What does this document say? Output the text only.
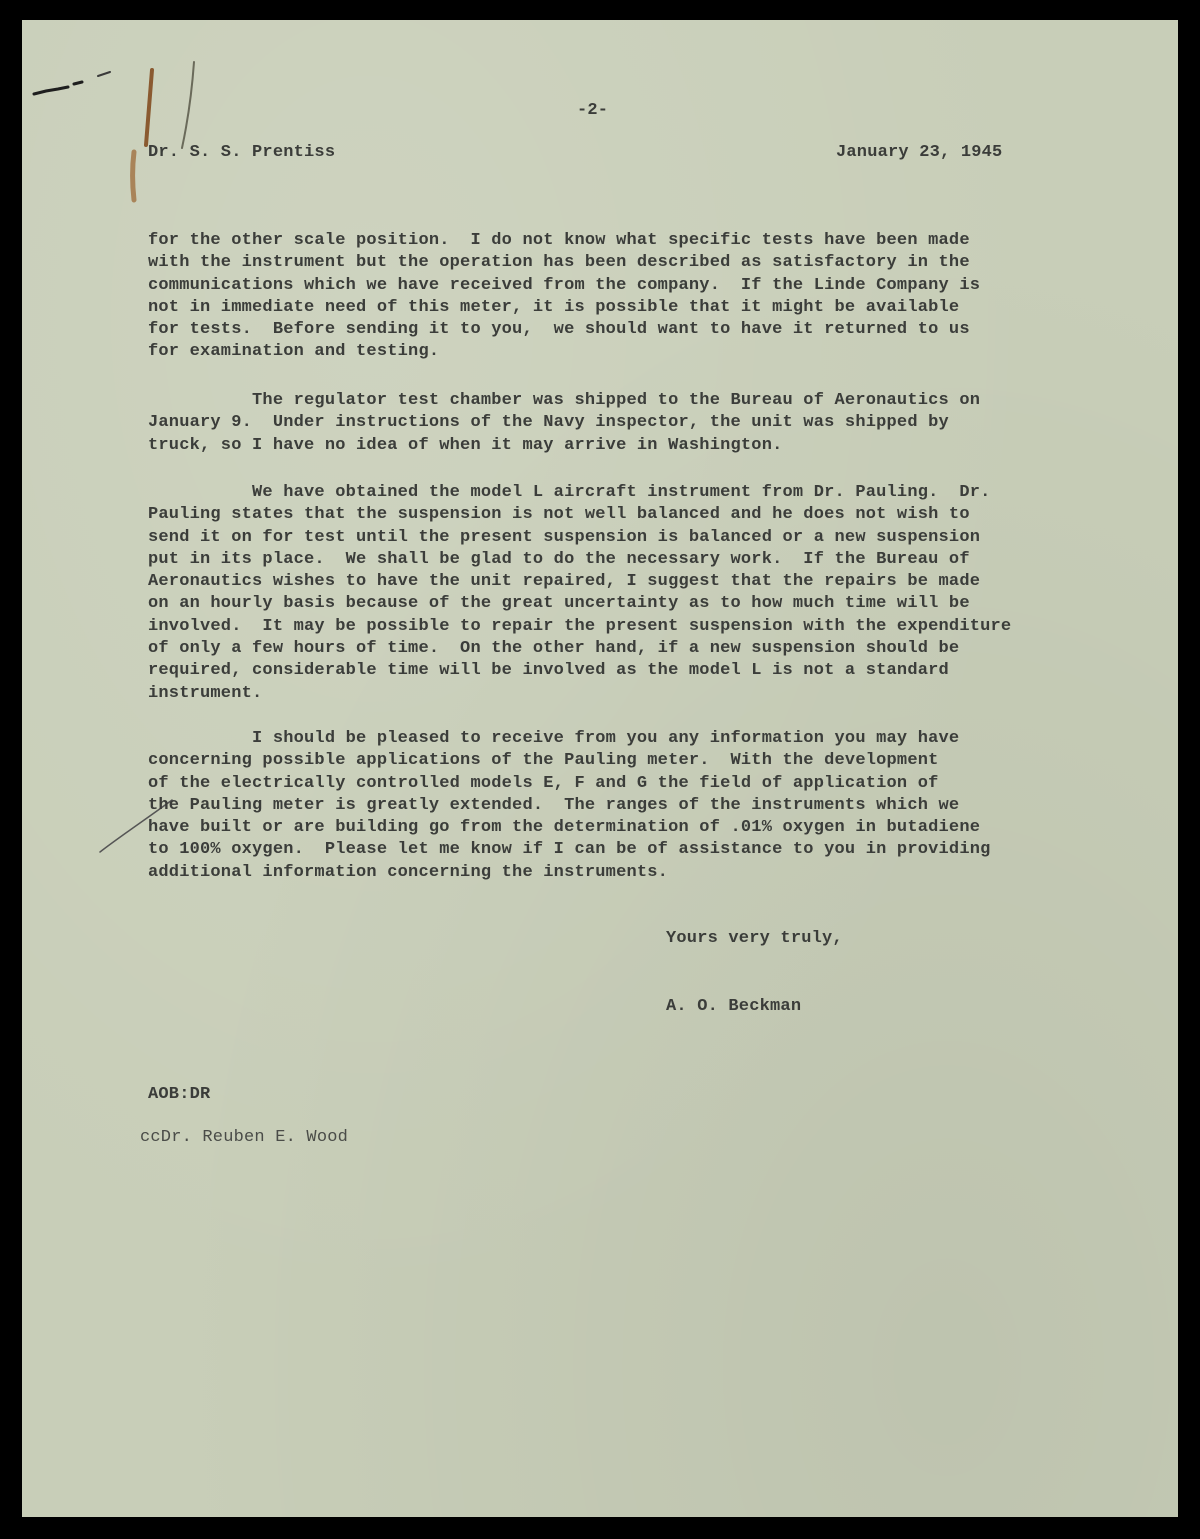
-2-
Dr. S. S. Prentiss	January 23, 1945
for the other scale position.  I do not know what specific tests have been made
with the instrument but the operation has been described as satisfactory in the
communications which we have received from the company.  If the Linde Company is
not in immediate need of this meter, it is possible that it might be available
for tests.  Before sending it to you,  we should want to have it returned to us
for examination and testing.
The regulator test chamber was shipped to the Bureau of Aeronautics on
January 9.  Under instructions of the Navy inspector, the unit was shipped by
truck, so I have no idea of when it may arrive in Washington.
We have obtained the model L aircraft instrument from Dr. Pauling.  Dr.
Pauling states that the suspension is not well balanced and he does not wish to
send it on for test until the present suspension is balanced or a new suspension
put in its place.  We shall be glad to do the necessary work.  If the Bureau of
Aeronautics wishes to have the unit repaired, I suggest that the repairs be made
on an hourly basis because of the great uncertainty as to how much time will be
involved.  It may be possible to repair the present suspension with the expenditure
of only a few hours of time.  On the other hand, if a new suspension should be
required, considerable time will be involved as the model L is not a standard
instrument.
I should be pleased to receive from you any information you may have
concerning possible applications of the Pauling meter.  With the development
of the electrically controlled models E, F and G the field of application of
the Pauling meter is greatly extended.  The ranges of the instruments which we
have built or are building go from the determination of .01% oxygen in butadiene
to 100% oxygen.  Please let me know if I can be of assistance to you in providing
additional information concerning the instruments.
Yours very truly,
A. O. Beckman
AOB:DR
ccDr. Reuben E. Wood
